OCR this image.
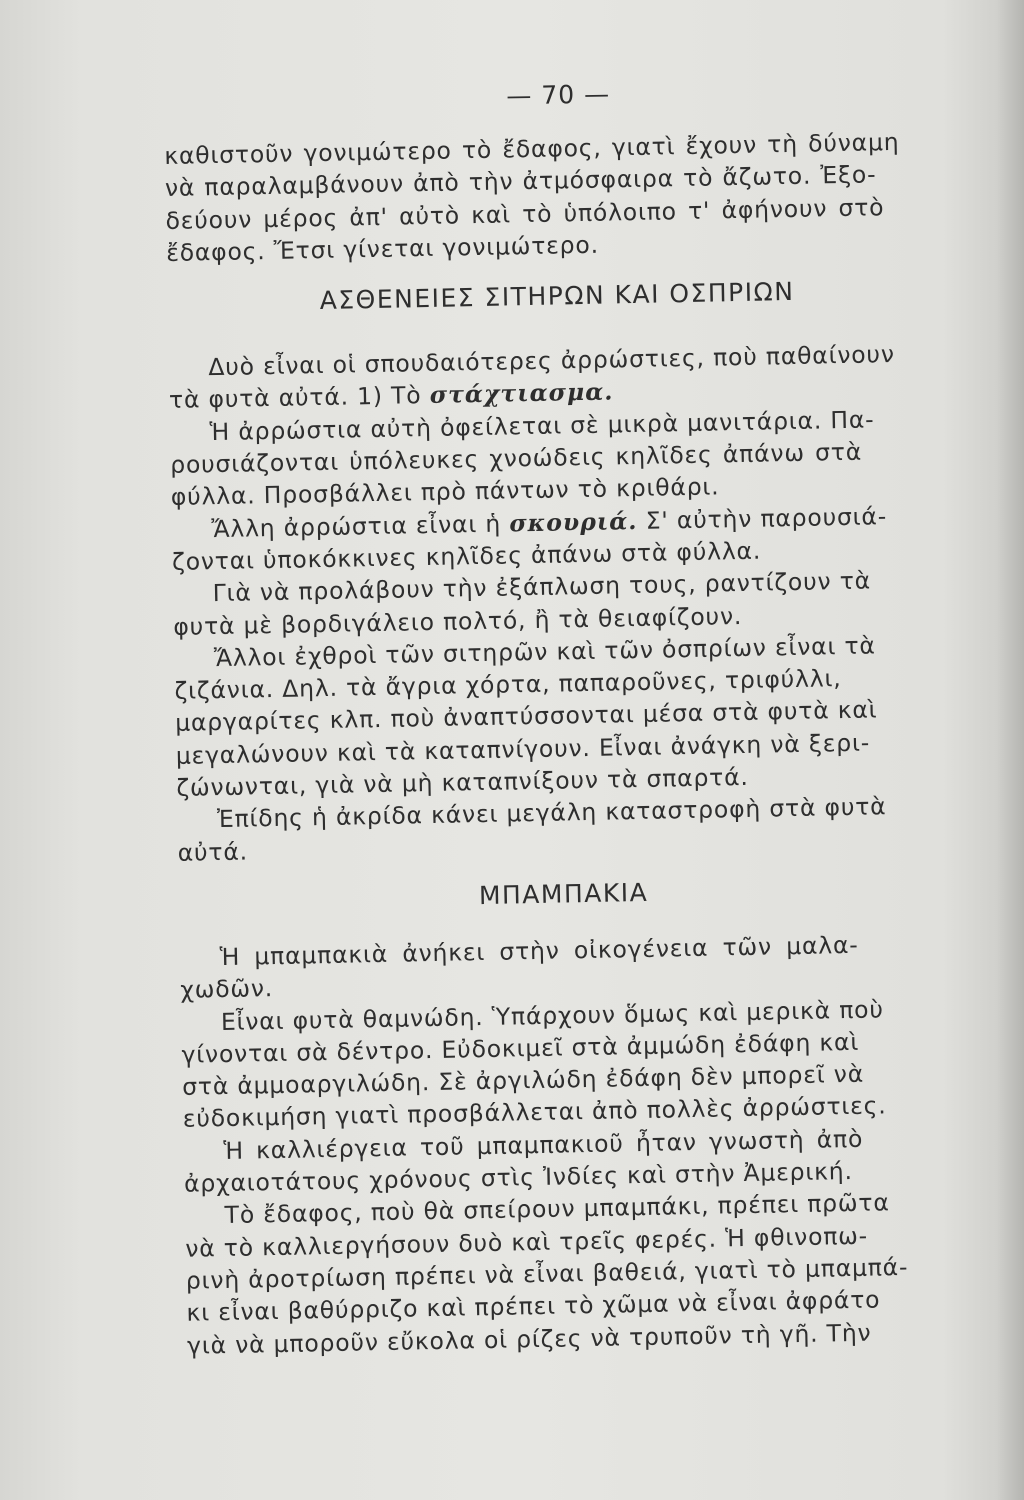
— 70 —
καθιστοῦν γονιμώτερο τὸ ἔδαφος, γιατὶ ἔχουν τὴ δύναμη
νὰ παραλαμβάνουν ἀπὸ τὴν ἀτμόσφαιρα τὸ ἄζωτο. Ἐξο-
δεύουν μέρος ἀπ' αὐτὸ καὶ τὸ ὑπόλοιπο τ' ἀφήνουν στὸ
ἔδαφος. Ἔτσι γίνεται γονιμώτερο.
ΑΣΘΕΝΕΙΕΣ ΣΙΤΗΡΩΝ ΚΑΙ ΟΣΠΡΙΩΝ
Δυὸ εἶναι οἱ σπουδαιότερες ἀρρώστιες, ποὺ παθαίνουν
τὰ φυτὰ αὐτά. 1) Τὸ στάχτιασμα.
Ἡ ἀρρώστια αὐτὴ ὀφείλεται σὲ μικρὰ μανιτάρια. Πα-
ρουσιάζονται ὑπόλευκες χνοώδεις κηλῖδες ἀπάνω στὰ
φύλλα. Προσβάλλει πρὸ πάντων τὸ κριθάρι.
Ἄλλη ἀρρώστια εἶναι ἡ σκουριά. Σ' αὐτὴν παρουσιά-
ζονται ὑποκόκκινες κηλῖδες ἀπάνω στὰ φύλλα.
Γιὰ νὰ προλάβουν τὴν ἐξάπλωση τους, ραντίζουν τὰ
φυτὰ μὲ βορδιγάλειο πολτό, ἢ τὰ θειαφίζουν.
Ἄλλοι ἐχθροὶ τῶν σιτηρῶν καὶ τῶν ὀσπρίων εἶναι τὰ
ζιζάνια. Δηλ. τὰ ἄγρια χόρτα, παπαροῦνες, τριφύλλι,
μαργαρίτες κλπ. ποὺ ἀναπτύσσονται μέσα στὰ φυτὰ καὶ
μεγαλώνουν καὶ τὰ καταπνίγουν. Εἶναι ἀνάγκη νὰ ξερι-
ζώνωνται, γιὰ νὰ μὴ καταπνίξουν τὰ σπαρτά.
Ἐπίδης ἡ ἀκρίδα κάνει μεγάλη καταστροφὴ στὰ φυτὰ
αὐτά.
ΜΠΑΜΠΑΚΙΑ
Ἡ μπαμπακιὰ ἀνήκει στὴν οἰκογένεια τῶν μαλα-
χωδῶν.
Εἶναι φυτὰ θαμνώδη. Ὑπάρχουν ὅμως καὶ μερικὰ ποὺ
γίνονται σὰ δέντρο. Εὐδοκιμεῖ στὰ ἀμμώδη ἐδάφη καὶ
στὰ ἀμμοαργιλώδη. Σὲ ἀργιλώδη ἐδάφη δὲν μπορεῖ νὰ
εὐδοκιμήση γιατὶ προσβάλλεται ἀπὸ πολλὲς ἀρρώστιες.
Ἡ καλλιέργεια τοῦ μπαμπακιοῦ ἦταν γνωστὴ ἀπὸ
ἀρχαιοτάτους χρόνους στὶς Ἰνδίες καὶ στὴν Ἀμερική.
Τὸ ἔδαφος, ποὺ θὰ σπείρουν μπαμπάκι, πρέπει πρῶτα
νὰ τὸ καλλιεργήσουν δυὸ καὶ τρεῖς φερές. Ἡ φθινοπω-
ρινὴ ἀροτρίωση πρέπει νὰ εἶναι βαθειά, γιατὶ τὸ μπαμπά-
κι εἶναι βαθύρριζο καὶ πρέπει τὸ χῶμα νὰ εἶναι ἀφράτο
γιὰ νὰ μποροῦν εὔκολα οἱ ρίζες νὰ τρυποῦν τὴ γῆ. Τὴν
